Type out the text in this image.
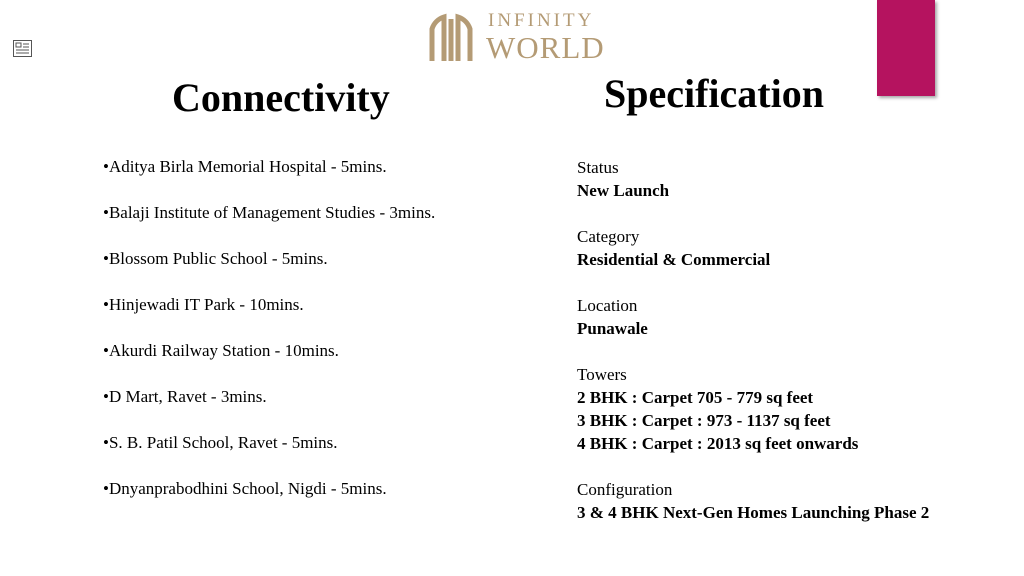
INFINITY
WORLD
Connectivity	Specification
•Aditya Birla Memorial Hospital - 5mins.
•Balaji Institute of Management Studies - 3mins.
•Blossom Public School - 5mins.
•Hinjewadi IT Park - 10mins.
•Akurdi Railway Station - 10mins.
•D Mart, Ravet - 3mins.
•S. B. Patil School, Ravet - 5mins.
•Dnyanprabodhini School, Nigdi - 5mins.
Status
New Launch
Category
Residential & Commercial
Location
Punawale
Towers
2 BHK : Carpet 705 - 779 sq feet
3 BHK : Carpet : 973 - 1137 sq feet
4 BHK : Carpet : 2013 sq feet onwards
Configuration
3 & 4 BHK Next-Gen Homes Launching Phase 2
